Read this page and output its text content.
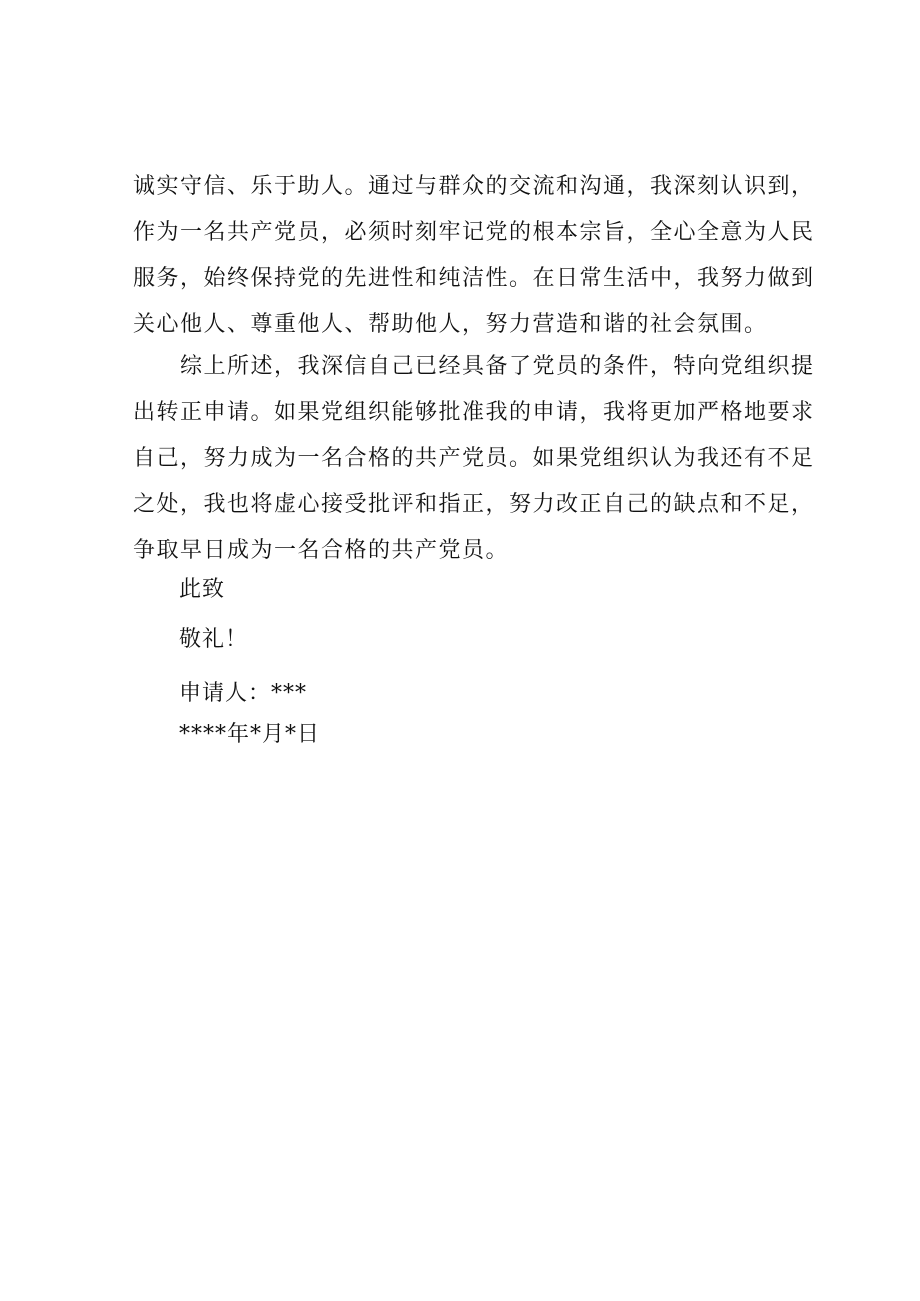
诚实守信、乐于助人。通过与群众的交流和沟通，我深刻认识到，
作为一名共产党员，必须时刻牢记党的根本宗旨，全心全意为人民
服务，始终保持党的先进性和纯洁性。在日常生活中，我努力做到
关心他人、尊重他人、帮助他人，努力营造和谐的社会氛围。
　　综上所述，我深信自己已经具备了党员的条件，特向党组织提
出转正申请。如果党组织能够批准我的申请，我将更加严格地要求
自己，努力成为一名合格的共产党员。如果党组织认为我还有不足
之处，我也将虚心接受批评和指正，努力改正自己的缺点和不足，
争取早日成为一名合格的共产党员。
此致
敬礼！
申请人：***
****年*月*日
